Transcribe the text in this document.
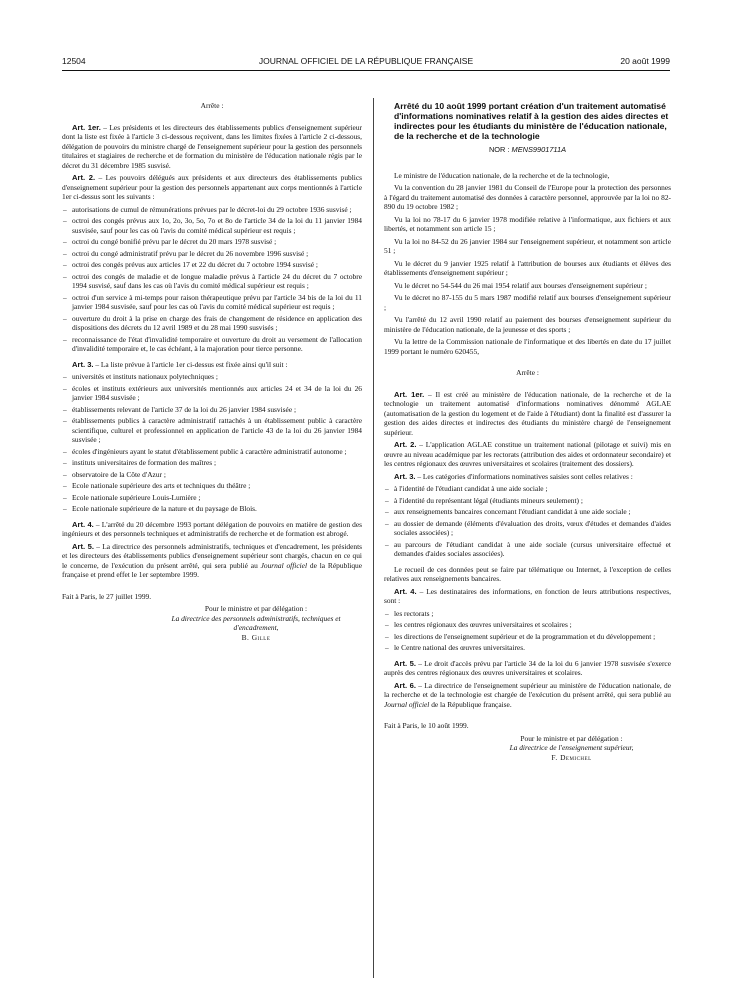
12504	JOURNAL OFFICIEL DE LA RÉPUBLIQUE FRANÇAISE	20 août 1999

Arrête :

Art. 1er. – Les présidents et les directeurs des établissements publics d'enseignement supérieur dont la liste est fixée à l'article 3 ci-dessous reçoivent, dans les limites fixées à l'article 2 ci-dessous, délégation de pouvoirs du ministre chargé de l'enseignement supérieur pour la gestion des personnels titulaires et stagiaires de recherche et de formation du ministère de l'éducation nationale régis par le décret du 31 décembre 1985 susvisé.

Art. 2. – Les pouvoirs délégués aux présidents et aux directeurs des établissements publics d'enseignement supérieur pour la gestion des personnels appartenant aux corps mentionnés à l'article 1er ci-dessus sont les suivants :

– autorisations de cumul de rémunérations prévues par le décret-loi du 29 octobre 1936 susvisé ;
– octroi des congés prévus aux 1o, 2o, 3o, 5o, 7o et 8o de l'article 34 de la loi du 11 janvier 1984 susvisée, sauf pour les cas où l'avis du comité médical supérieur est requis ;
– octroi du congé bonifié prévu par le décret du 20 mars 1978 susvisé ;
– octroi du congé administratif prévu par le décret du 26 novembre 1996 susvisé ;
– octroi des congés prévus aux articles 17 et 22 du décret du 7 octobre 1994 susvisé ;
– octroi des congés de maladie et de longue maladie prévus à l'article 24 du décret du 7 octobre 1994 susvisé, sauf dans les cas où l'avis du comité médical supérieur est requis ;
– octroi d'un service à mi-temps pour raison thérapeutique prévu par l'article 34 bis de la loi du 11 janvier 1984 susvisée, sauf pour les cas où l'avis du comité médical supérieur est requis ;
– ouverture du droit à la prise en charge des frais de changement de résidence en application des dispositions des décrets du 12 avril 1989 et du 28 mai 1990 susvisés ;
– reconnaissance de l'état d'invalidité temporaire et ouverture du droit au versement de l'allocation d'invalidité temporaire et, le cas échéant, à la majoration pour tierce personne.

Art. 3. – La liste prévue à l'article 1er ci-dessus est fixée ainsi qu'il suit :

– universités et instituts nationaux polytechniques ;
– écoles et instituts extérieurs aux universités mentionnés aux articles 24 et 34 de la loi du 26 janvier 1984 susvisée ;
– établissements relevant de l'article 37 de la loi du 26 janvier 1984 susvisée ;
– établissements publics à caractère administratif rattachés à un établissement public à caractère scientifique, culturel et professionnel en application de l'article 43 de la loi du 26 janvier 1984 susvisée ;
– écoles d'ingénieurs ayant le statut d'établissement public à caractère administratif autonome ;
– instituts universitaires de formation des maîtres ;
– observatoire de la Côte d'Azur ;
– Ecole nationale supérieure des arts et techniques du théâtre ;
– Ecole nationale supérieure Louis-Lumière ;
– Ecole nationale supérieure de la nature et du paysage de Blois.

Art. 4. – L'arrêté du 20 décembre 1993 portant délégation de pouvoirs en matière de gestion des ingénieurs et des personnels techniques et administratifs de recherche et de formation est abrogé.

Art. 5. – La directrice des personnels administratifs, techniques et d'encadrement, les présidents et les directeurs des établissements publics d'enseignement supérieur sont chargés, chacun en ce qui le concerne, de l'exécution du présent arrêté, qui sera publié au Journal officiel de la République française et prend effet le 1er septembre 1999.

Fait à Paris, le 27 juillet 1999.

Pour le ministre et par délégation :
La directrice des personnels administratifs, techniques et d'encadrement,
B. Gille
Arrêté du 10 août 1999 portant création d'un traitement automatisé d'informations nominatives relatif à la gestion des aides directes et indirectes pour les étudiants du ministère de l'éducation nationale, de la recherche et de la technologie
NOR : MENS9901711A

Le ministre de l'éducation nationale, de la recherche et de la technologie,

Vu la convention du 28 janvier 1981 du Conseil de l'Europe pour la protection des personnes à l'égard du traitement automatisé des données à caractère personnel, approuvée par la loi no 82-890 du 19 octobre 1982 ;

Vu la loi no 78-17 du 6 janvier 1978 modifiée relative à l'informatique, aux fichiers et aux libertés, et notamment son article 15 ;

Vu la loi no 84-52 du 26 janvier 1984 sur l'enseignement supérieur, et notamment son article 51 ;

Vu le décret du 9 janvier 1925 relatif à l'attribution de bourses aux étudiants et élèves des établissements d'enseignement supérieur ;

Vu le décret no 54-544 du 26 mai 1954 relatif aux bourses d'enseignement supérieur ;

Vu le décret no 87-155 du 5 mars 1987 modifié relatif aux bourses d'enseignement supérieur ;

Vu l'arrêté du 12 avril 1990 relatif au paiement des bourses d'enseignement supérieur du ministère de l'éducation nationale, de la jeunesse et des sports ;

Vu la lettre de la Commission nationale de l'informatique et des libertés en date du 17 juillet 1999 portant le numéro 620455,

Arrête :

Art. 1er. – Il est créé au ministère de l'éducation nationale, de la recherche et de la technologie un traitement automatisé d'informations nominatives dénommé AGLAE (automatisation de la gestion du logement et de l'aide à l'étudiant) dont la finalité est d'assurer la gestion des aides directes et indirectes des étudiants du ministère chargé de l'enseignement supérieur.

Art. 2. – L'application AGLAE constitue un traitement national (pilotage et suivi) mis en œuvre au niveau académique par les rectorats (attribution des aides et ordonnateur secondaire) et les centres régionaux des œuvres universitaires et scolaires (traitement des dossiers).

Art. 3. – Les catégories d'informations nominatives saisies sont celles relatives :

– à l'identité de l'étudiant candidat à une aide sociale ;
– à l'identité du représentant légal (étudiants mineurs seulement) ;
– aux renseignements bancaires concernant l'étudiant candidat à une aide sociale ;
– au dossier de demande (éléments d'évaluation des droits, vœux d'études et demandes d'aides sociales associées) ;
– au parcours de l'étudiant candidat à une aide sociale (cursus universitaire effectué et demandes d'aides sociales associées).

Le recueil de ces données peut se faire par télématique ou Internet, à l'exception de celles relatives aux renseignements bancaires.

Art. 4. – Les destinataires des informations, en fonction de leurs attributions respectives, sont :

– les rectorats ;
– les centres régionaux des œuvres universitaires et scolaires ;
– les directions de l'enseignement supérieur et de la programmation et du développement ;
– le Centre national des œuvres universitaires.

Art. 5. – Le droit d'accès prévu par l'article 34 de la loi du 6 janvier 1978 susvisée s'exerce auprès des centres régionaux des œuvres universitaires et scolaires.

Art. 6. – La directrice de l'enseignement supérieur au ministère de l'éducation nationale, de la recherche et de la technologie est chargée de l'exécution du présent arrêté, qui sera publié au Journal officiel de la République française.

Fait à Paris, le 10 août 1999.

Pour le ministre et par délégation :
La directrice de l'enseignement supérieur,
F. Demichel
